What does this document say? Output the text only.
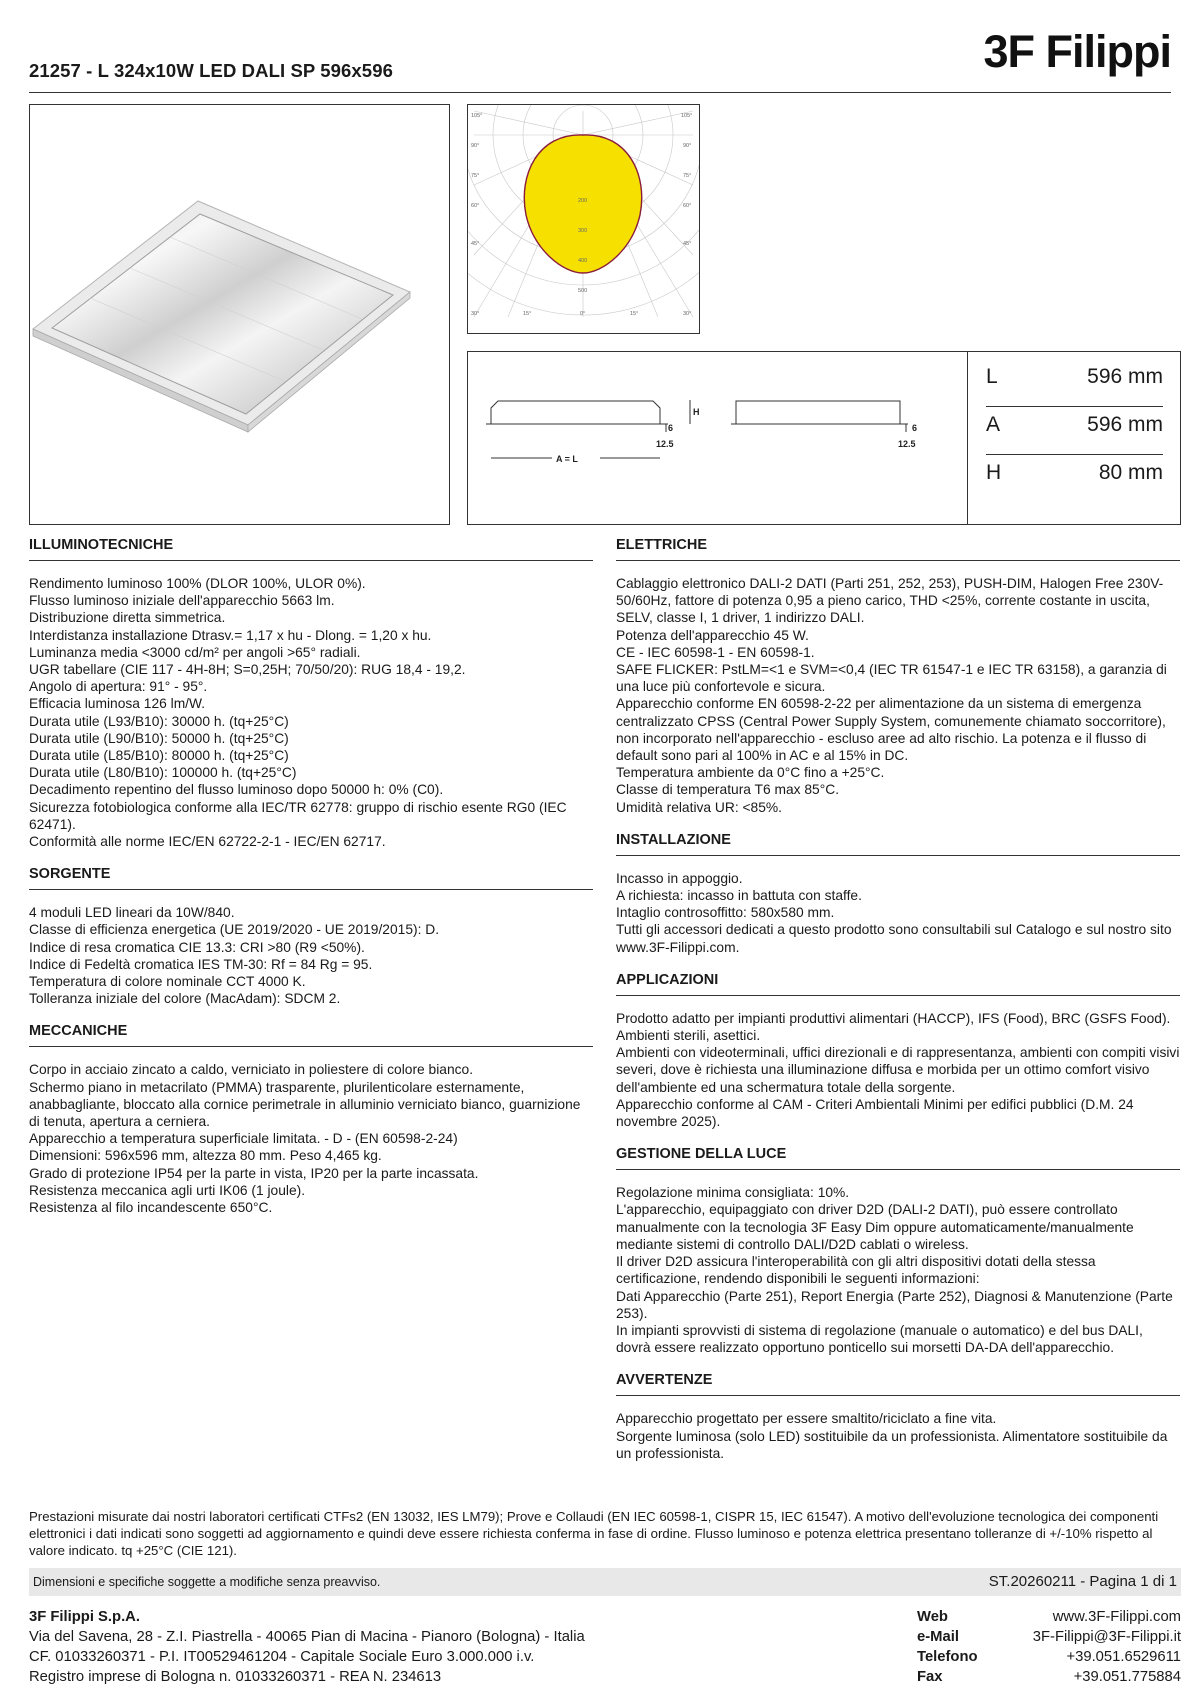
21257 - L 324x10W LED DALI SP 596x596	3F Filippi
105°
90°
75°
60°
45°
30°	15°	0°	15°	30°
45°
60°
75°
90°
105°
200
300
400
500
A = L
12.5
6
H
12.5
6
L	596 mm
A	596 mm
H	80 mm
ILLUMINOTECNICHE
Rendimento luminoso 100% (DLOR 100%, ULOR 0%).
Flusso luminoso iniziale dell'apparecchio 5663 lm.
Distribuzione diretta simmetrica.
Interdistanza installazione Dtrasv.= 1,17 x hu - Dlong. = 1,20 x hu.
Luminanza media <3000 cd/m² per angoli >65° radiali.
UGR tabellare (CIE 117 - 4H-8H; S=0,25H; 70/50/20): RUG 18,4 - 19,2.
Angolo di apertura: 91° - 95°.
Efficacia luminosa 126 lm/W.
Durata utile (L93/B10): 30000 h. (tq+25°C)
Durata utile (L90/B10): 50000 h. (tq+25°C)
Durata utile (L85/B10): 80000 h. (tq+25°C)
Durata utile (L80/B10): 100000 h. (tq+25°C)
Decadimento repentino del flusso luminoso dopo 50000 h: 0% (C0).
Sicurezza fotobiologica conforme alla IEC/TR 62778: gruppo di rischio esente RG0 (IEC 62471).
Conformità alle norme IEC/EN 62722-2-1 - IEC/EN 62717.
SORGENTE
4 moduli LED lineari da 10W/840.
Classe di efficienza energetica (UE 2019/2020 - UE 2019/2015): D.
Indice di resa cromatica CIE 13.3: CRI >80 (R9 <50%).
Indice di Fedeltà cromatica IES TM-30: Rf = 84 Rg = 95.
Temperatura di colore nominale CCT 4000 K.
Tolleranza iniziale del colore (MacAdam): SDCM 2.
MECCANICHE
Corpo in acciaio zincato a caldo, verniciato in poliestere di colore bianco.
Schermo piano in metacrilato (PMMA) trasparente, plurilenticolare esternamente, anabbagliante, bloccato alla cornice perimetrale in alluminio verniciato bianco, guarnizione di tenuta, apertura a cerniera.
Apparecchio a temperatura superficiale limitata. - D - (EN 60598-2-24)
Dimensioni: 596x596 mm, altezza 80 mm. Peso 4,465 kg.
Grado di protezione IP54 per la parte in vista, IP20 per la parte incassata.
Resistenza meccanica agli urti IK06 (1 joule).
Resistenza al filo incandescente 650°C.
ELETTRICHE
Cablaggio elettronico DALI-2 DATI (Parti 251, 252, 253), PUSH-DIM, Halogen Free 230V-50/60Hz, fattore di potenza 0,95 a pieno carico, THD <25%, corrente costante in uscita, SELV, classe I, 1 driver, 1 indirizzo DALI.
Potenza dell'apparecchio 45 W.
CE - IEC 60598-1 - EN 60598-1.
SAFE FLICKER: PstLM=<1 e SVM=<0,4 (IEC TR 61547-1 e IEC TR 63158), a garanzia di una luce più confortevole e sicura.
Apparecchio conforme EN 60598-2-22 per alimentazione da un sistema di emergenza centralizzato CPSS (Central Power Supply System, comunemente chiamato soccorritore), non incorporato nell'apparecchio - escluso aree ad alto rischio. La potenza e il flusso di default sono pari al 100% in AC e al 15% in DC.
Temperatura ambiente da 0°C fino a +25°C.
Classe di temperatura T6 max 85°C.
Umidità relativa UR: <85%.
INSTALLAZIONE
Incasso in appoggio.
A richiesta: incasso in battuta con staffe.
Intaglio controsoffitto: 580x580 mm.
Tutti gli accessori dedicati a questo prodotto sono consultabili sul Catalogo e sul nostro sito www.3F-Filippi.com.
APPLICAZIONI
Prodotto adatto per impianti produttivi alimentari (HACCP), IFS (Food), BRC (GSFS Food).
Ambienti sterili, asettici.
Ambienti con videoterminali, uffici direzionali e di rappresentanza, ambienti con compiti visivi severi, dove è richiesta una illuminazione diffusa e morbida per un ottimo comfort visivo dell'ambiente ed una schermatura totale della sorgente.
Apparecchio conforme al CAM - Criteri Ambientali Minimi per edifici pubblici (D.M. 24 novembre 2025).
GESTIONE DELLA LUCE
Regolazione minima consigliata: 10%.
L'apparecchio, equipaggiato con driver D2D (DALI-2 DATI), può essere controllato manualmente con la tecnologia 3F Easy Dim oppure automaticamente/manualmente mediante sistemi di controllo DALI/D2D cablati o wireless.
Il driver D2D assicura l'interoperabilità con gli altri dispositivi dotati della stessa certificazione, rendendo disponibili le seguenti informazioni:
Dati Apparecchio (Parte 251), Report Energia (Parte 252), Diagnosi & Manutenzione (Parte 253).
In impianti sprovvisti di sistema di regolazione (manuale o automatico) e del bus DALI, dovrà essere realizzato opportuno ponticello sui morsetti DA-DA dell'apparecchio.
AVVERTENZE
Apparecchio progettato per essere smaltito/riciclato a fine vita.
Sorgente luminosa (solo LED) sostituibile da un professionista. Alimentatore sostituibile da un professionista.
Prestazioni misurate dai nostri laboratori certificati CTFs2 (EN 13032, IES LM79); Prove e Collaudi (EN IEC 60598-1, CISPR 15, IEC 61547). A motivo dell'evoluzione tecnologica dei componenti elettronici i dati indicati sono soggetti ad aggiornamento e quindi deve essere richiesta conferma in fase di ordine. Flusso luminoso e potenza elettrica presentano tolleranze di +/-10% rispetto al valore indicato. tq +25°C (CIE 121).
Dimensioni e specifiche soggette a modifiche senza preavviso.	ST.20260211 - Pagina 1 di 1
3F Filippi S.p.A.
Via del Savena, 28 - Z.I. Piastrella - 40065 Pian di Macina - Pianoro (Bologna) - Italia
CF. 01033260371 - P.I. IT00529461204 - Capitale Sociale Euro 3.000.000 i.v.
Registro imprese di Bologna n. 01033260371 - REA N. 234613
Web	www.3F-Filippi.com
e-Mail	3F-Filippi@3F-Filippi.it
Telefono	+39.051.6529611
Fax	+39.051.775884
